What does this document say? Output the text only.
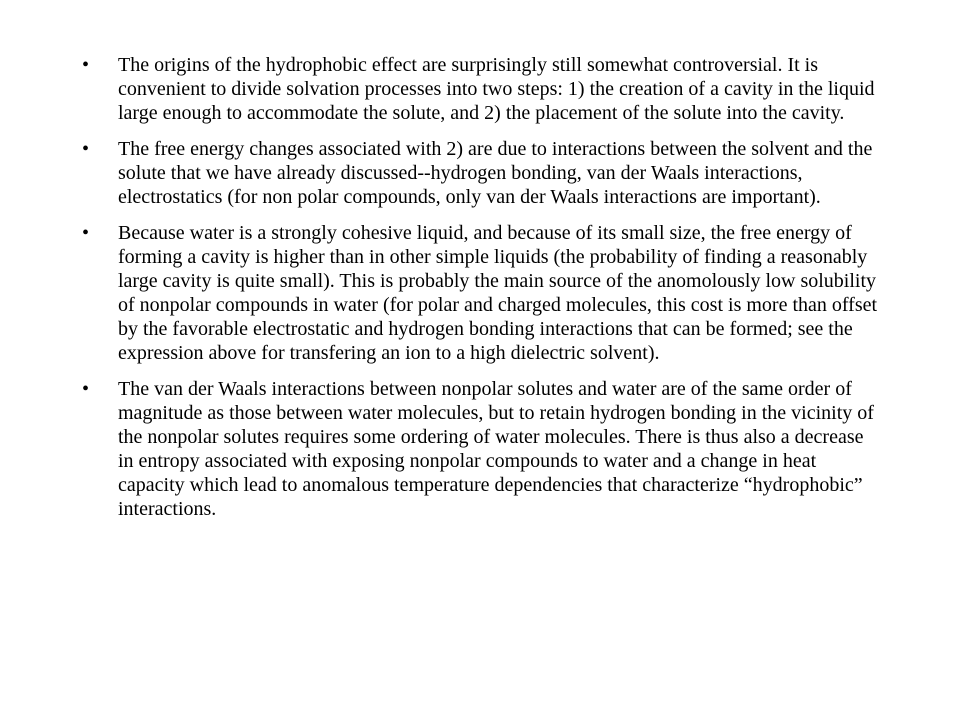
•	The origins of the hydrophobic effect are surprisingly still somewhat controversial. It is convenient to divide solvation processes into two steps: 1) the creation of a cavity in the liquid large enough to accommodate the solute, and 2) the placement of the solute into the cavity.
•	The free energy changes associated with 2) are due to interactions between the solvent and the solute that we have already discussed--hydrogen bonding, van der Waals interactions, electrostatics (for non polar compounds, only van der Waals interactions are important).
•	Because water is a strongly cohesive liquid, and because of its small size, the free energy of forming a cavity is higher than in other simple liquids (the probability of finding a reasonably large cavity is quite small). This is probably the main source of the anomolously low solubility of nonpolar compounds in water (for polar and charged molecules, this cost is more than offset by the favorable electrostatic and hydrogen bonding interactions that can be formed; see the expression above for transfering an ion to a high dielectric solvent).
•	The van der Waals interactions between nonpolar solutes and water are of the same order of magnitude as those between water molecules, but to retain hydrogen bonding in the vicinity of the nonpolar solutes requires some ordering of water molecules. There is thus also a decrease in entropy associated with exposing nonpolar compounds to water and a change in heat capacity which lead to anomalous temperature dependencies that characterize “hydrophobic” interactions.
